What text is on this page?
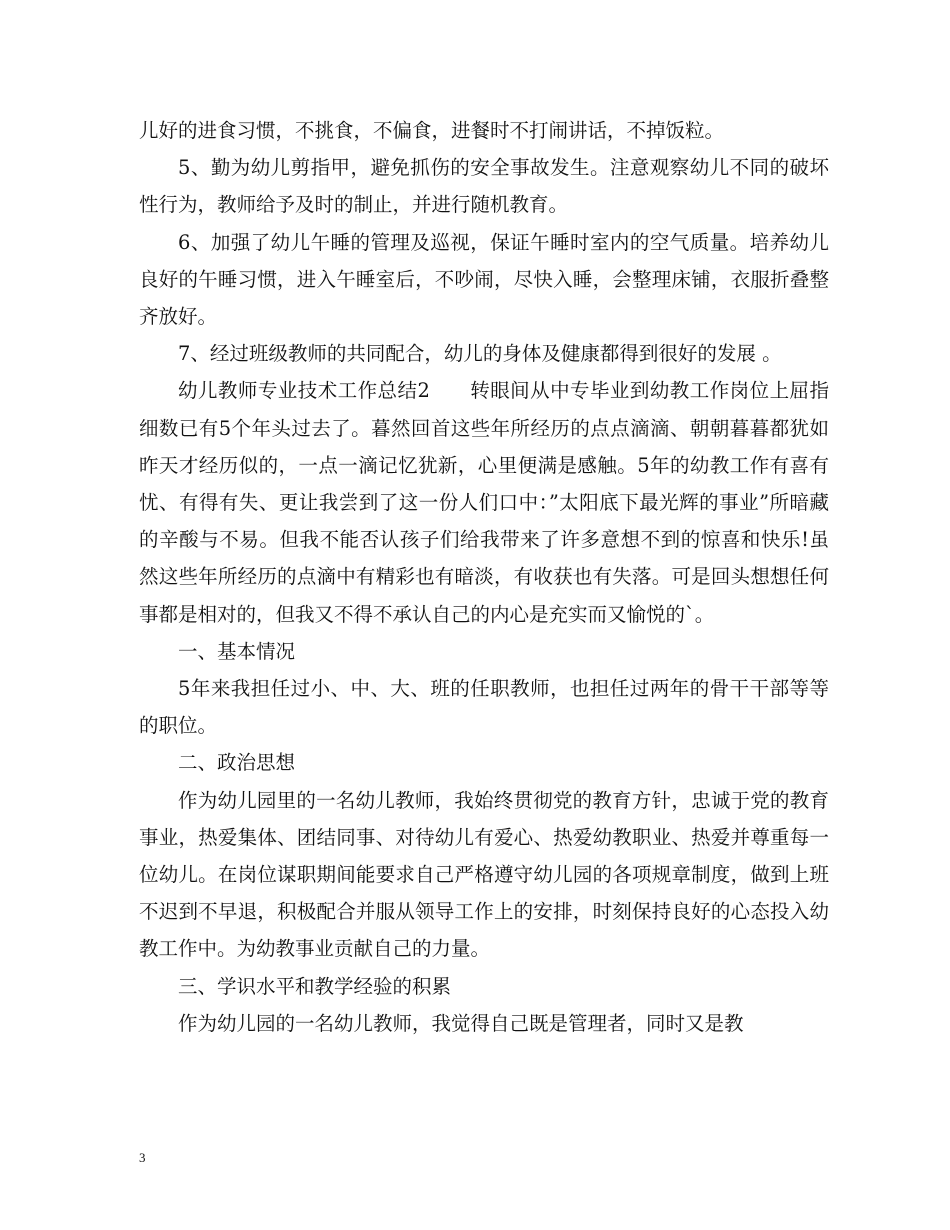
儿好的进食习惯，不挑食，不偏食，进餐时不打闹讲话，不掉饭粒。

5、勤为幼儿剪指甲，避免抓伤的安全事故发生。注意观察幼儿不同的破坏性行为，教师给予及时的制止，并进行随机教育。

6、加强了幼儿午睡的管理及巡视，保证午睡时室内的空气质量。培养幼儿良好的午睡习惯，进入午睡室后，不吵闹，尽快入睡，会整理床铺，衣服折叠整齐放好。

7、经过班级教师的共同配合，幼儿的身体及健康都得到很好的发展 。

幼儿教师专业技术工作总结2　　转眼间从中专毕业到幼教工作岗位上屈指细数已有5个年头过去了。暮然回首这些年所经历的点点滴滴、朝朝暮暮都犹如昨天才经历似的，一点一滴记忆犹新，心里便满是感触。5年的幼教工作有喜有忧、有得有失、更让我尝到了这一份人们口中：”太阳底下最光辉的事业”所暗藏的辛酸与不易。但我不能否认孩子们给我带来了许多意想不到的惊喜和快乐!虽然这些年所经历的点滴中有精彩也有暗淡，有收获也有失落。可是回头想想任何事都是相对的，但我又不得不承认自己的内心是充实而又愉悦的`。

一、基本情况

5年来我担任过小、中、大、班的任职教师，也担任过两年的骨干干部等等的职位。

二、政治思想

作为幼儿园里的一名幼儿教师，我始终贯彻党的教育方针，忠诚于党的教育事业，热爱集体、团结同事、对待幼儿有爱心、热爱幼教职业、热爱并尊重每一位幼儿。在岗位谋职期间能要求自己严格遵守幼儿园的各项规章制度，做到上班不迟到不早退，积极配合并服从领导工作上的安排，时刻保持良好的心态投入幼教工作中。为幼教事业贡献自己的力量。

三、学识水平和教学经验的积累

作为幼儿园的一名幼儿教师，我觉得自己既是管理者，同时又是教

3
